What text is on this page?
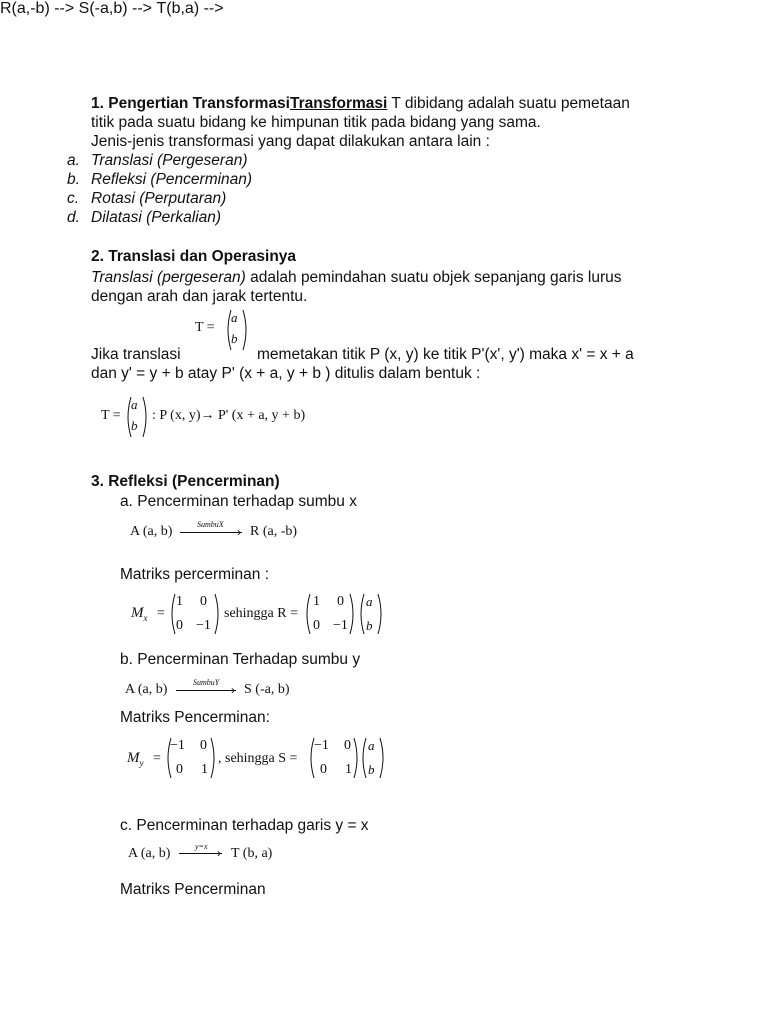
1. Pengertian TransformasiTransformasi T dibidang adalah suatu pemetaan
titik pada suatu bidang ke himpunan titik pada bidang yang sama.
Jenis-jenis transformasi yang dapat dilakukan antara lain :
a. Translasi (Pergeseran)
b. Refleksi (Pencerminan)
c. Rotasi (Perputaran)
d. Dilatasi (Perkalian)
2. Translasi dan Operasinya
Translasi (pergeseran) adalah pemindahan suatu objek sepanjang garis lurus
dengan arah dan jarak tertentu.
T =
a
b
Jika translasi	memetakan titik P (x, y) ke titik P'(x', y') maka x' = x + a
dan y' = y + b atay P' (x + a, y + b ) ditulis dalam bentuk :
T =
a
b
: P (x, y)→ P' (x + a, y + b)
3. Refleksi (Pencerminan)
a. Pencerminan terhadap sumbu x
R(a,-b) -->
A (a, b)	SumbuX
› R (a, -b)
Matriks percerminan :
$M_x$ =
1 0
0 −1
sehingga R =
1 0
0 −1
a
b
b. Pencerminan Terhadap sumbu y
S(-a,b) -->
A (a, b)	SumbuY
› S (-a, b)
Matriks Pencerminan:
$M_y$ =
−1 0
0 1
, sehingga S =
−1 0
0 1
a
b
c. Pencerminan terhadap garis y = x
T(b,a) -->
A (a, b)	y=x › T (b, a)
Matriks Pencerminan
